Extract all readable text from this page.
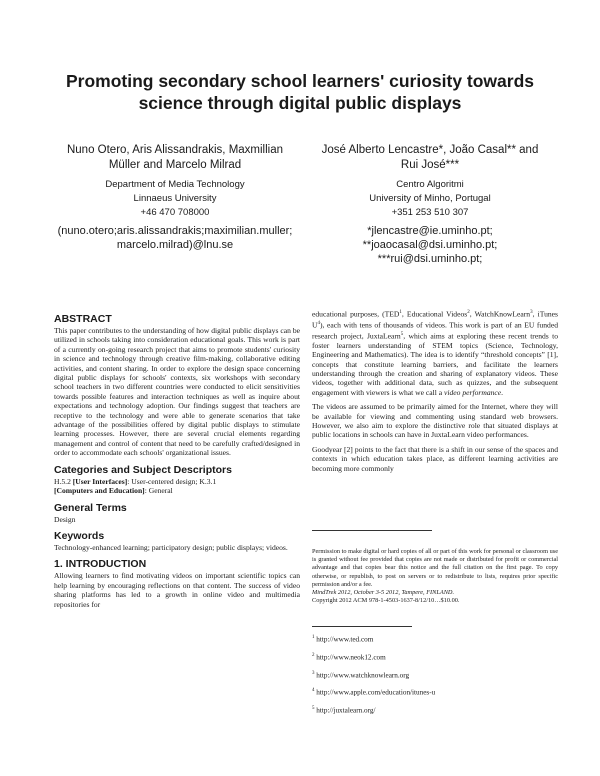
Promoting secondary school learners' curiosity towards
science through digital public displays
Nuno Otero, Aris Alissandrakis, Maxmillian
Müller and Marcelo Milrad
Department of Media Technology
Linnaeus University
+46 470 708000
(nuno.otero;aris.alissandrakis;maximilian.muller;
marcelo.milrad)@lnu.se
José Alberto Lencastre*, João Casal** and
Rui José***
Centro Algoritmi
University of Minho, Portugal
+351 253 510 307
*jlencastre@ie.uminho.pt;
**joaocasal@dsi.uminho.pt;
***rui@dsi.uminho.pt;
ABSTRACT

This paper contributes to the understanding of how digital public displays can be utilized in schools taking into consideration educational goals. This work is part of a currently on-going research project that aims to promote students' curiosity in science and technology through creative film-making, collaborative editing activities, and content sharing. In order to explore the design space concerning digital public displays for schools' contexts, six workshops with secondary school teachers in two different countries were conducted to elicit sensitivities towards possible features and interaction techniques as well as inquire about expectations and technology adoption. Our findings suggest that teachers are receptive to the technology and were able to generate scenarios that take advantage of the possibilities offered by digital public displays to stimulate learning processes. However, there are several crucial elements regarding management and control of content that need to be carefully crafted/designed in order to accommodate each schools' organizational issues.

Categories and Subject Descriptors

H.5.2 [User Interfaces]: User-centered design; K.3.1
[Computers and Education]: General

General Terms

Design

Keywords

Technology-enhanced learning; participatory design; public displays; videos.

1. INTRODUCTION

Allowing learners to find motivating videos on important scientific topics can help learning by encouraging reflections on that content. The success of video sharing platforms has led to a growth in online video and multimedia repositories for

educational purposes, (TED$^1$, Educational Videos$^2$, WatchKnowLearn$^3$, iTunes $U^4$), each with tens of thousands of videos. This work is part of an EU funded research project, JuxtaLearn$^5$, which aims at exploring these recent trends to foster learners understanding of STEM topics (Science, Technology, Engineering and Mathematics). The idea is to identify “threshold concepts” [1], concepts that constitute learning barriers, and facilitate the learners understanding through the creation and sharing of explanatory videos. These videos, together with additional data, such as quizzes, and the subsequent engagement with viewers is what we call a video performance.

The videos are assumed to be primarily aimed for the Internet, where they will be available for viewing and commenting using standard web browsers. However, we also aim to explore the distinctive role that situated displays at public locations in schools can have in JuxtaLearn video performances.

Goodyear [2] points to the fact that there is a shift in our sense of the spaces and contexts in which education takes place, as different learning activities are becoming more commonly

Permission to make digital or hard copies of all or part of this work for personal or classroom use is granted without fee provided that copies are not made or distributed for profit or commercial advantage and that copies bear this notice and the full citation on the first page. To copy otherwise, or republish, to post on servers or to redistribute to lists, requires prior specific permission and/or a fee.

MindTrek 2012, October 3-5 2012, Tampere, FINLAND.

Copyright 2012 ACM 978-1-4503-1637-8/12/10…$10.00.

$^1$ http://www.ted.com

$^2$ http://www.neok12.com

$^3$ http://www.watchknowlearn.org

$^4$ http://www.apple.com/education/itunes-u

$^5$ http://juxtalearn.org/
